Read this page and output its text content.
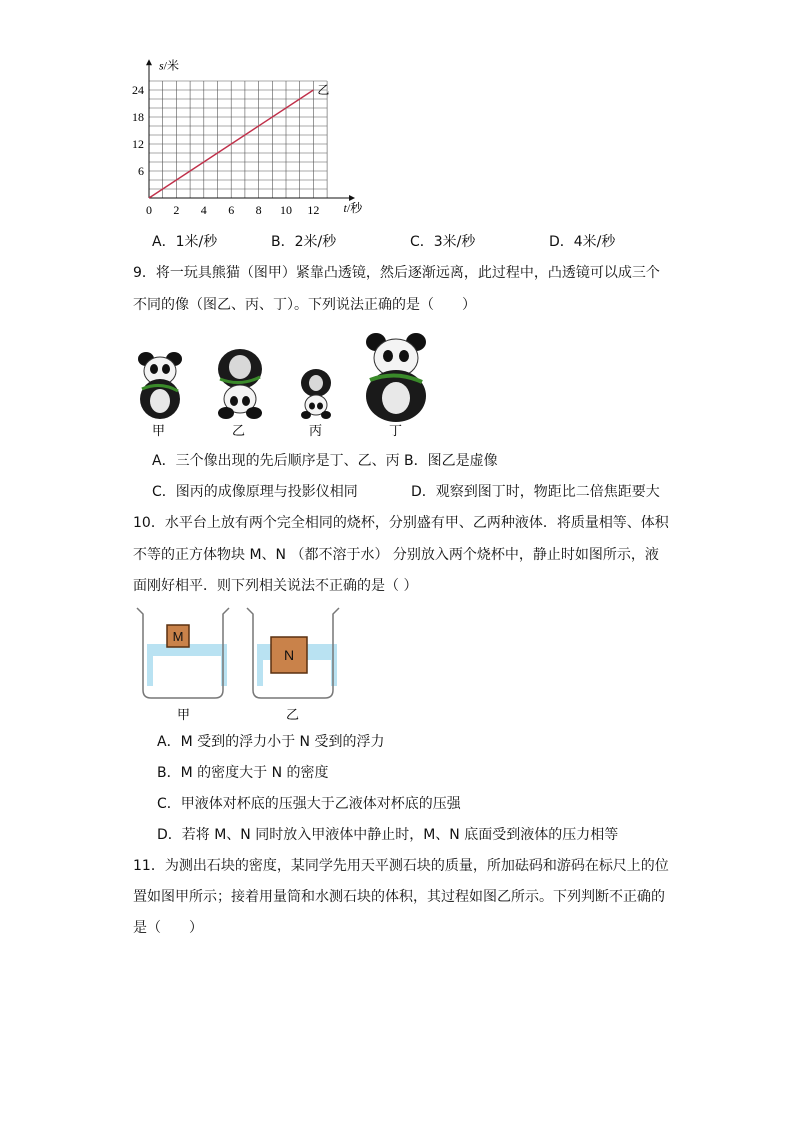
0 2 4 6 8 10 12
6
12
18
24
s/米
t/秒
乙
A．1米/秒	B．2米/秒	C．3米/秒	D．4米/秒
9．将一玩具熊猫（图甲）紧靠凸透镜，然后逐渐远离，此过程中，凸透镜可以成三个
不同的像（图乙、丙、丁）。下列说法正确的是（　　）
甲	乙	丙	丁
A．三个像出现的先后顺序是丁、乙、丙 B．图乙是虚像
C．图丙的成像原理与投影仪相同	D．观察到图丁时，物距比二倍焦距要大
10．水平台上放有两个完全相同的烧杯，分别盛有甲、乙两种液体．将质量相等、体积
不等的正方体物块 M、N （都不溶于水） 分别放入两个烧杯中，静止时如图所示，液
面刚好相平．则下列相关说法不正确的是（ ）
M
N
甲	乙
A．M 受到的浮力小于 N 受到的浮力
B．M 的密度大于 N 的密度
C．甲液体对杯底的压强大于乙液体对杯底的压强
D．若将 M、N 同时放入甲液体中静止时，M、N 底面受到液体的压力相等
11．为测出石块的密度，某同学先用天平测石块的质量，所加砝码和游码在标尺上的位
置如图甲所示；接着用量筒和水测石块的体积，其过程如图乙所示。下列判断不正确的
是（　　）
